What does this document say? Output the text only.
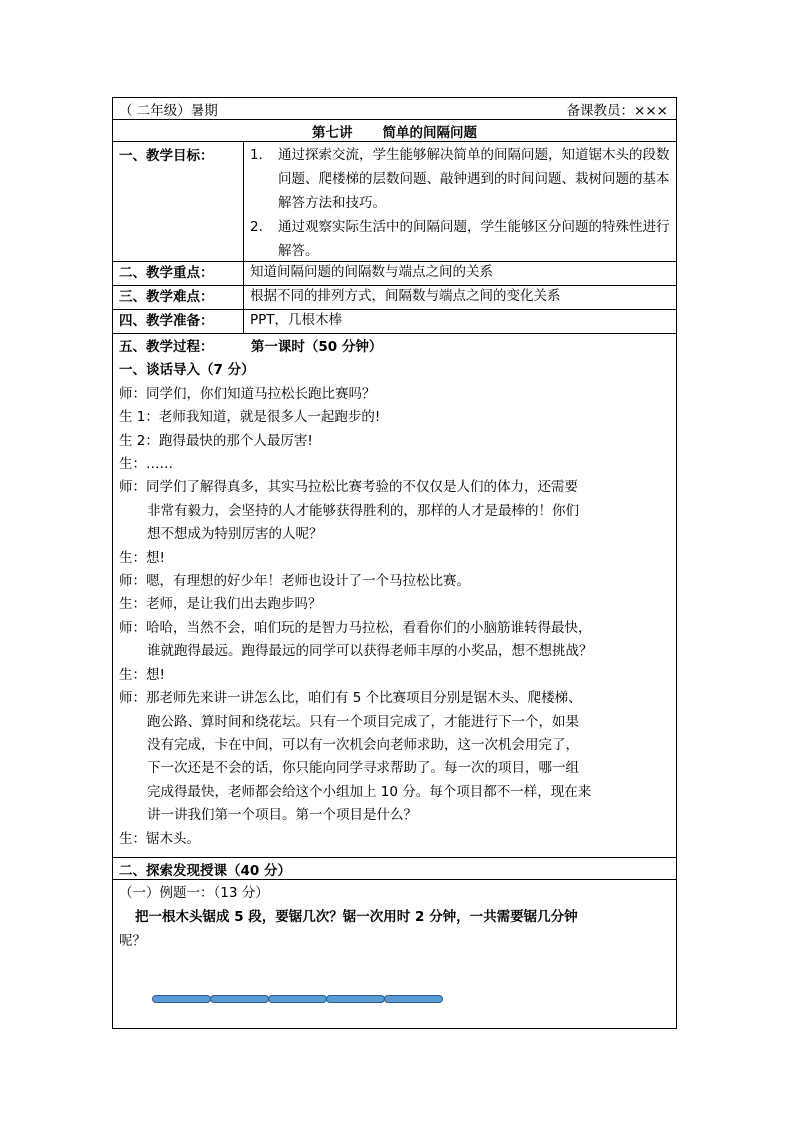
（ 二年级）暑期	备课教员：×××
第七讲 简单的间隔问题
一、教学目标：	1.	通过探索交流，学生能够解决简单的间隔问题，知道锯木头的段数问题、爬楼梯的层数问题、敲钟遇到的时间问题、栽树问题的基本解答方法和技巧。
2.	通过观察实际生活中的间隔问题，学生能够区分问题的特殊性进行解答。
二、教学重点：	知道间隔问题的间隔数与端点之间的关系
三、教学难点：	根据不同的排列方式，间隔数与端点之间的变化关系
四、教学准备：	PPT，几根木棒

五、教学过程：	第一课时（50 分钟）

一、谈话导入（7 分）

师：同学们，你们知道马拉松长跑比赛吗？

生 1：老师我知道，就是很多人一起跑步的!

生 2：跑得最快的那个人最厉害!

生：……

师：同学们了解得真多，其实马拉松比赛考验的不仅仅是人们的体力，还需要

非常有毅力，会坚持的人才能够获得胜利的，那样的人才是最棒的！你们

想不想成为特别厉害的人呢？

生：想!

师：嗯，有理想的好少年！老师也设计了一个马拉松比赛。

生：老师，是让我们出去跑步吗？

师：哈哈，当然不会，咱们玩的是智力马拉松，看看你们的小脑筋谁转得最快，

谁就跑得最远。跑得最远的同学可以获得老师丰厚的小奖品，想不想挑战？

生：想!

师：那老师先来讲一讲怎么比，咱们有 5 个比赛项目分别是锯木头、爬楼梯、

跑公路、算时间和绕花坛。只有一个项目完成了，才能进行下一个，如果

没有完成，卡在中间，可以有一次机会向老师求助，这一次机会用完了，

下一次还是不会的话，你只能向同学寻求帮助了。每一次的项目，哪一组

完成得最快，老师都会给这个小组加上 10 分。每个项目都不一样，现在来

讲一讲我们第一个项目。第一个项目是什么？

生：锯木头。

二、探索发现授课（40 分）

（一）例题一：（13 分）

把一根木头锯成 5 段，要锯几次？锯一次用时 2 分钟，一共需要锯几分钟

呢？
